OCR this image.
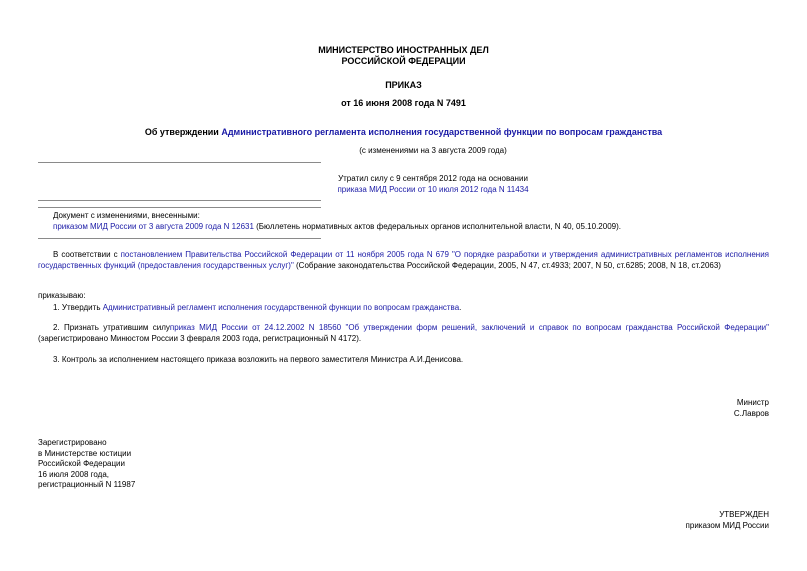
МИНИСТЕРСТВО ИНОСТРАННЫХ ДЕЛ
РОССИЙСКОЙ ФЕДЕРАЦИИ
ПРИКАЗ
от 16 июня 2008 года N 7491
Об утверждении Административного регламента исполнения государственной функции по вопросам гражданства
(с изменениями на 3 августа 2009 года)
Утратил силу с 9 сентября 2012 года на основании
приказа МИД России от 10 июля 2012 года N 11434
Документ с изменениями, внесенными:
приказом МИД России от 3 августа 2009 года N 12631 (Бюллетень нормативных актов федеральных органов исполнительной власти, N 40, 05.10.2009).
В соответствии с постановлением Правительства Российской Федерации от 11 ноября 2005 года N 679 "О порядке разработки и утверждения административных регламентов исполнения государственных функций (предоставления государственных услуг)" (Собрание законодательства Российской Федерации, 2005, N 47, ст.4933; 2007, N 50, ст.6285; 2008, N 18, ст.2063)
приказываю:
1. Утвердить Административный регламент исполнения государственной функции по вопросам гражданства.
2. Признать утратившим силуприказ МИД России от 24.12.2002 N 18560 "Об утверждении форм решений, заключений и справок по вопросам гражданства Российской Федерации"(зарегистрировано Минюстом России 3 февраля 2003 года, регистрационный N 4172).
3. Контроль за исполнением настоящего приказа возложить на первого заместителя Министра А.И.Денисова.
Министр
С.Лавров
Зарегистрировано
в Министерстве юстиции
Российской Федерации
16 июля 2008 года,
регистрационный N 11987
УТВЕРЖДЕН
приказом МИД России
